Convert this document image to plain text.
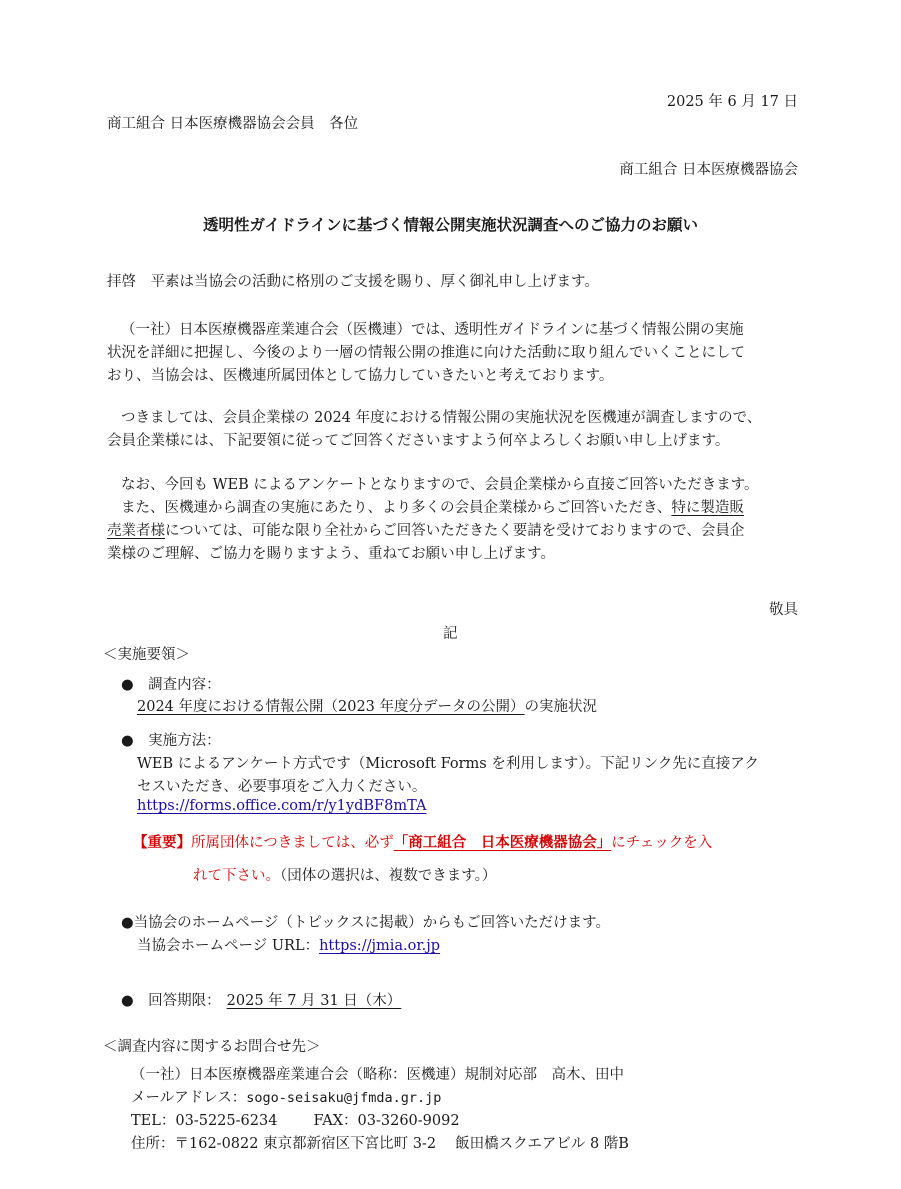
2025 年 6 月 17 日
商工組合 日本医療機器協会会員　各位
商工組合 日本医療機器協会
透明性ガイドラインに基づく情報公開実施状況調査へのご協力のお願い
拝啓　平素は当協会の活動に格別のご支援を賜り、厚く御礼申し上げます。
（一社）日本医療機器産業連合会（医機連）では、透明性ガイドラインに基づく情報公開の実施
状況を詳細に把握し、今後のより一層の情報公開の推進に向けた活動に取り組んでいくことにして
おり、当協会は、医機連所属団体として協力していきたいと考えております。
つきましては、会員企業様の 2024 年度における情報公開の実施状況を医機連が調査しますので、
会員企業様には、下記要領に従ってご回答くださいますよう何卒よろしくお願い申し上げます。
なお、今回も WEB によるアンケートとなりますので、会員企業様から直接ご回答いただきます。
また、医機連から調査の実施にあたり、より多くの会員企業様からご回答いただき、特に製造販
売業者様については、可能な限り全社からご回答いただきたく要請を受けておりますので、会員企
業様のご理解、ご協力を賜りますよう、重ねてお願い申し上げます。
敬具
記
＜実施要領＞
●　調査内容：
2024 年度における情報公開（2023 年度分データの公開）の実施状況
●　実施方法：
WEB によるアンケート方式です（Microsoft Forms を利用します）。下記リンク先に直接アク
セスいただき、必要事項をご入力ください。
https://forms.office.com/r/y1ydBF8mTA
【重要】所属団体につきましては、必ず「商工組合　日本医療機器協会」にチェックを入
れて下さい。（団体の選択は、複数できます。）
●当協会のホームページ（トピックスに掲載）からもご回答いただけます。
当協会ホームページ URL：https://jmia.or.jp
●　回答期限： 2025 年 7 月 31 日（木）
＜調査内容に関するお問合せ先＞
（一社）日本医療機器産業連合会（略称：医機連）規制対応部　高木、田中
メールアドレス：sogo-seisaku@jfmda.gr.jp
TEL：03-5225-6234 FAX：03-3260-9092
住所：〒162-0822 東京都新宿区下宮比町 3-2　 飯田橋スクエアビル 8 階B
